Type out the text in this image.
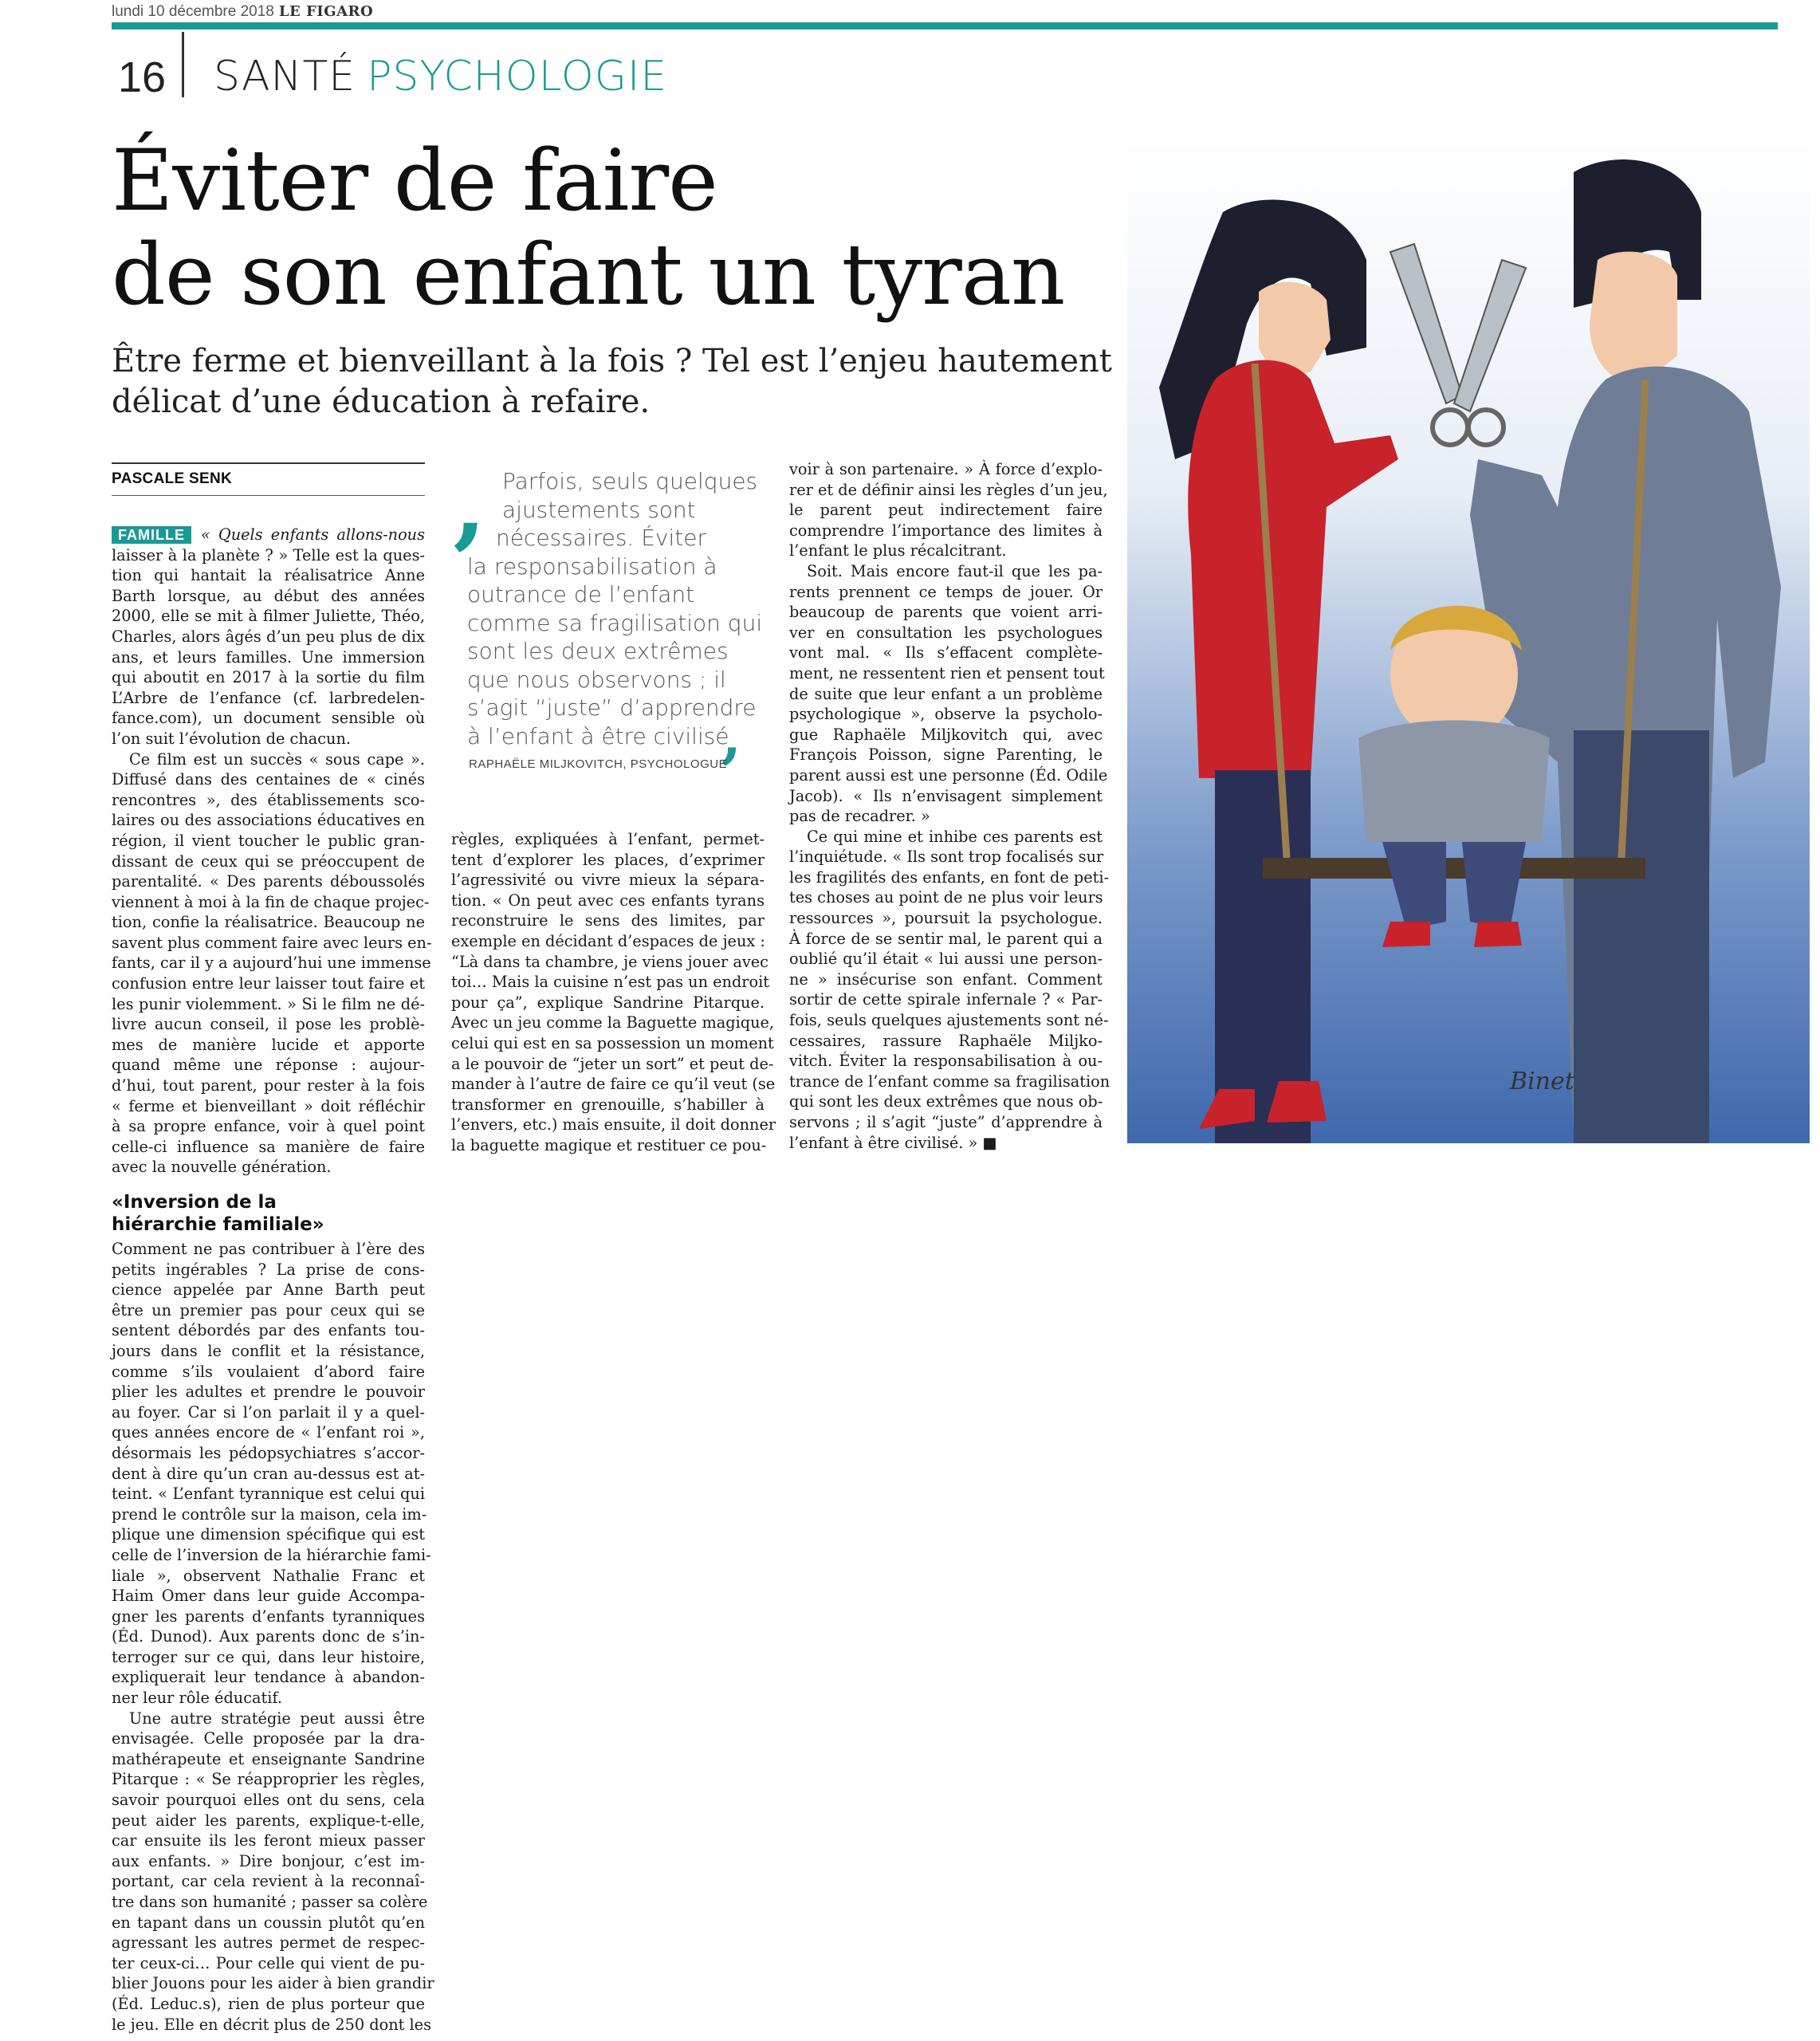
lundi 10 décembre 2018 LE FIGARO
16 SANTÉ PSYCHOLOGIE
Éviter de faire
de son enfant un tyran
Être ferme et bienveillant à la fois ? Tel est l’enjeu hautement
délicat d’une éducation à refaire.
PASCALE SENK
FAMILLE « Quels enfants allons-nous
laisser à la planète ? » Telle est la ques-
tion qui hantait la réalisatrice Anne
Barth lorsque, au début des années
2000, elle se mit à filmer Juliette, Théo,
Charles, alors âgés d’un peu plus de dix
ans, et leurs familles. Une immersion
qui aboutit en 2017 à la sortie du film
L’Arbre de l’enfance (cf. larbredelen-
fance.com), un document sensible où
l’on suit l’évolution de chacun.
Ce film est un succès « sous cape ».
Diffusé dans des centaines de « cinés
rencontres », des établissements sco-
laires ou des associations éducatives en
région, il vient toucher le public gran-
dissant de ceux qui se préoccupent de
parentalité. « Des parents déboussolés
viennent à moi à la fin de chaque projec-
tion, confie la réalisatrice. Beaucoup ne
savent plus comment faire avec leurs en-
fants, car il y a aujourd’hui une immense
confusion entre leur laisser tout faire et
les punir violemment. » Si le film ne dé-
livre aucun conseil, il pose les problè-
mes de manière lucide et apporte
quand même une réponse : aujour-
d’hui, tout parent, pour rester à la fois
« ferme et bienveillant » doit réfléchir
à sa propre enfance, voir à quel point
celle-ci influence sa manière de faire
avec la nouvelle génération.
«Inversion de la
hiérarchie familiale»
Comment ne pas contribuer à l’ère des
petits ingérables ? La prise de cons-
cience appelée par Anne Barth peut
être un premier pas pour ceux qui se
sentent débordés par des enfants tou-
jours dans le conflit et la résistance,
comme s’ils voulaient d’abord faire
plier les adultes et prendre le pouvoir
au foyer. Car si l’on parlait il y a quel-
ques années encore de « l’enfant roi »,
désormais les pédopsychiatres s’accor-
dent à dire qu’un cran au-dessus est at-
teint. « L’enfant tyrannique est celui qui
prend le contrôle sur la maison, cela im-
plique une dimension spécifique qui est
celle de l’inversion de la hiérarchie fami-
liale », observent Nathalie Franc et
Haim Omer dans leur guide Accompa-
gner les parents d’enfants tyranniques
(Éd. Dunod). Aux parents donc de s’in-
terroger sur ce qui, dans leur histoire,
expliquerait leur tendance à abandon-
ner leur rôle éducatif.
Une autre stratégie peut aussi être
envisagée. Celle proposée par la dra-
mathérapeute et enseignante Sandrine
Pitarque : « Se réapproprier les règles,
savoir pourquoi elles ont du sens, cela
peut aider les parents, explique-t-elle,
car ensuite ils les feront mieux passer
aux enfants. » Dire bonjour, c’est im-
portant, car cela revient à la reconnaî-
tre dans son humanité ; passer sa colère
en tapant dans un coussin plutôt qu’en
agressant les autres permet de respec-
ter ceux-ci… Pour celle qui vient de pu-
blier Jouons pour les aider à bien grandir
(Éd. Leduc.s), rien de plus porteur que
le jeu. Elle en décrit plus de 250 dont les
‚ Parfois, seuls quelques
ajustements sont
nécessaires. Éviter
la responsabilisation à
outrance de l’enfant
comme sa fragilisation qui
sont les deux extrêmes
que nous observons ; il
s’agit “juste” d’apprendre
à l’enfant à être civilisé
,
RAPHAËLE MILJKOVITCH, PSYCHOLOGUE
règles, expliquées à l’enfant, permet-
tent d’explorer les places, d’exprimer
l’agressivité ou vivre mieux la sépara-
tion. « On peut avec ces enfants tyrans
reconstruire le sens des limites, par
exemple en décidant d’espaces de jeux :
“Là dans ta chambre, je viens jouer avec
toi… Mais la cuisine n’est pas un endroit
pour ça”, explique Sandrine Pitarque.
Avec un jeu comme la Baguette magique,
celui qui est en sa possession un moment
a le pouvoir de “jeter un sort” et peut de-
mander à l’autre de faire ce qu’il veut (se
transformer en grenouille, s’habiller à
l’envers, etc.) mais ensuite, il doit donner
la baguette magique et restituer ce pou-
voir à son partenaire. » À force d’explo-
rer et de définir ainsi les règles d’un jeu,
le parent peut indirectement faire
comprendre l’importance des limites à
l’enfant le plus récalcitrant.
Soit. Mais encore faut-il que les pa-
rents prennent ce temps de jouer. Or
beaucoup de parents que voient arri-
ver en consultation les psychologues
vont mal. « Ils s’effacent complète-
ment, ne ressentent rien et pensent tout
de suite que leur enfant a un problème
psychologique », observe la psycholo-
gue Raphaële Miljkovitch qui, avec
François Poisson, signe Parenting, le
parent aussi est une personne (Éd. Odile
Jacob). « Ils n’envisagent simplement
pas de recadrer. »
Ce qui mine et inhibe ces parents est
l’inquiétude. « Ils sont trop focalisés sur
les fragilités des enfants, en font de peti-
tes choses au point de ne plus voir leurs
ressources », poursuit la psychologue.
À force de se sentir mal, le parent qui a
oublié qu’il était « lui aussi une person-
ne » insécurise son enfant. Comment
sortir de cette spirale infernale ? « Par-
fois, seuls quelques ajustements sont né-
cessaires, rassure Raphaële Miljko-
vitch. Éviter la responsabilisation à ou-
trance de l’enfant comme sa fragilisation
qui sont les deux extrêmes que nous ob-
servons ; il s’agit “juste” d’apprendre à
l’enfant à être civilisé. » ■
Binet
